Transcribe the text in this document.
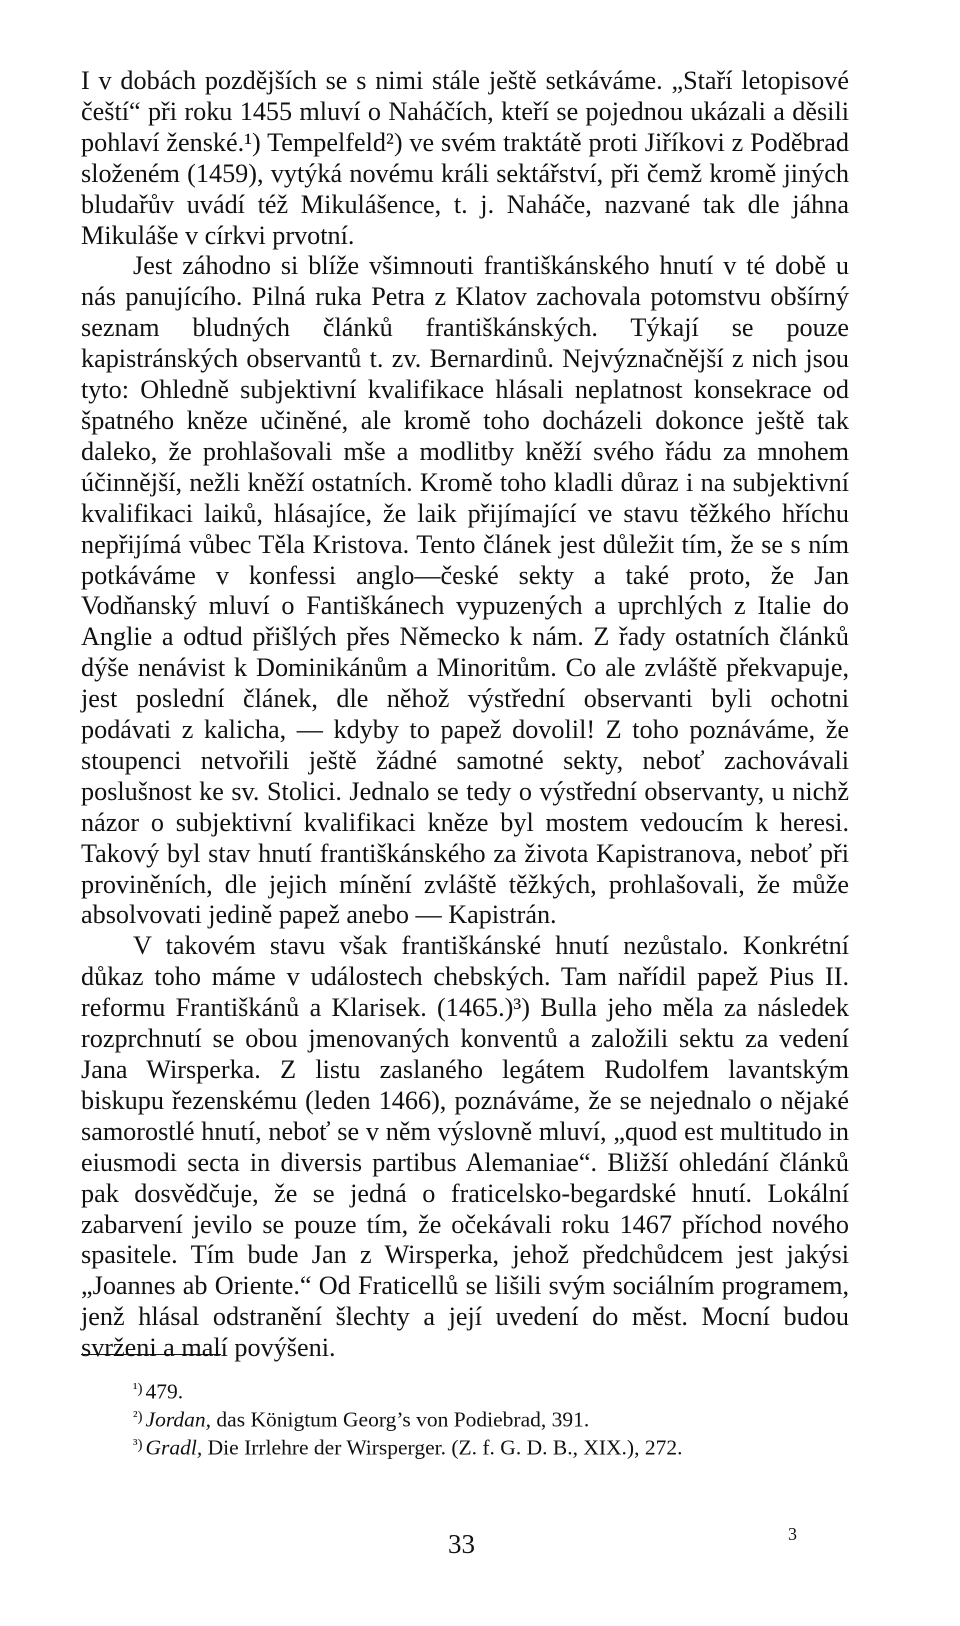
I v dobách pozdějších se s nimi stále ještě setkáváme. „Staří letopisové čeští“ při roku 1455 mluví o Naháčích, kteří se pojednou ukázali a děsili pohlaví ženské.¹) Tempelfeld²) ve svém traktátě proti Jiříkovi z Poděbrad složeném (1459), vytýká novému králi sektářství, při čemž kromě jiných bludařův uvádí též Mikulášence, t. j. Naháče, nazvané tak dle jáhna Mikuláše v církvi prvotní.

Jest záhodno si blíže všimnouti františkánského hnutí v té době u nás panujícího. Pilná ruka Petra z Klatov zachovala potomstvu obšírný seznam bludných článků františkánských. Týkají se pouze kapistránských observantů t. zv. Bernardinů. Nejvýznačnější z nich jsou tyto: Ohledně subjektivní kvalifikace hlásali neplatnost konsekrace od špatného kněze učiněné, ale kromě toho docházeli dokonce ještě tak daleko, že prohlašovali mše a modlitby kněží svého řádu za mnohem účinnější, nežli kněží ostatních. Kromě toho kladli důraz i na subjektivní kvalifikaci laiků, hlásajíce, že laik přijímající ve stavu těžkého hříchu nepřijímá vůbec Těla Kristova. Tento článek jest důležit tím, že se s ním potkáváme v konfessi anglo—české sekty a také proto, že Jan Vodňanský mluví o Fantiškánech vypuzených a uprchlých z Italie do Anglie a odtud přišlých přes Německo k nám. Z řady ostatních článků dýše nenávist k Dominikánům a Minoritům. Co ale zvláště překvapuje, jest poslední článek, dle něhož výstřední observanti byli ochotni podávati z kalicha, — kdyby to papež dovolil! Z toho poznáváme, že stoupenci netvořili ještě žádné samotné sekty, neboť zachovávali poslušnost ke sv. Stolici. Jednalo se tedy o výstřední observanty, u nichž názor o subjektivní kvalifikaci kněze byl mostem vedoucím k heresi. Takový byl stav hnutí františkánského za života Kapistranova, neboť při proviněních, dle jejich mínění zvláště těžkých, prohlašovali, že může absolvovati jedině papež anebo — Kapistrán.

V takovém stavu však františkánské hnutí nezůstalo. Konkrétní důkaz toho máme v událostech chebských. Tam nařídil papež Pius II. reformu Františkánů a Klarisek. (1465.)³) Bulla jeho měla za následek rozprchnutí se obou jmenovaných konventů a založili sektu za vedení Jana Wirsperka. Z listu zaslaného legátem Rudolfem lavantským biskupu řezenskému (leden 1466), poznáváme, že se nejednalo o nějaké samorostlé hnutí, neboť se v něm výslovně mluví, „quod est multitudo in eiusmodi secta in diversis partibus Alemaniae“. Bližší ohledání článků pak dosvědčuje, že se jedná o fraticelsko-begardské hnutí. Lokální zabarvení jevilo se pouze tím, že očekávali roku 1467 příchod nového spasitele. Tím bude Jan z Wirsperka, jehož předchůdcem jest jakýsi „Joannes ab Oriente.“ Od Fraticellů se lišili svým sociálním programem, jenž hlásal odstranění šlechty a její uvedení do měst. Mocní budou svrženi a malí povýšeni.

$^{^1)}$ 479.

$^{^2)}$ Jordan, das Königtum Georg’s von Podiebrad, 391.

$^{^3)}$ Gradl, Die Irrlehre der Wirsperger. (Z. f. G. D. B., XIX.), 272.

33	3
